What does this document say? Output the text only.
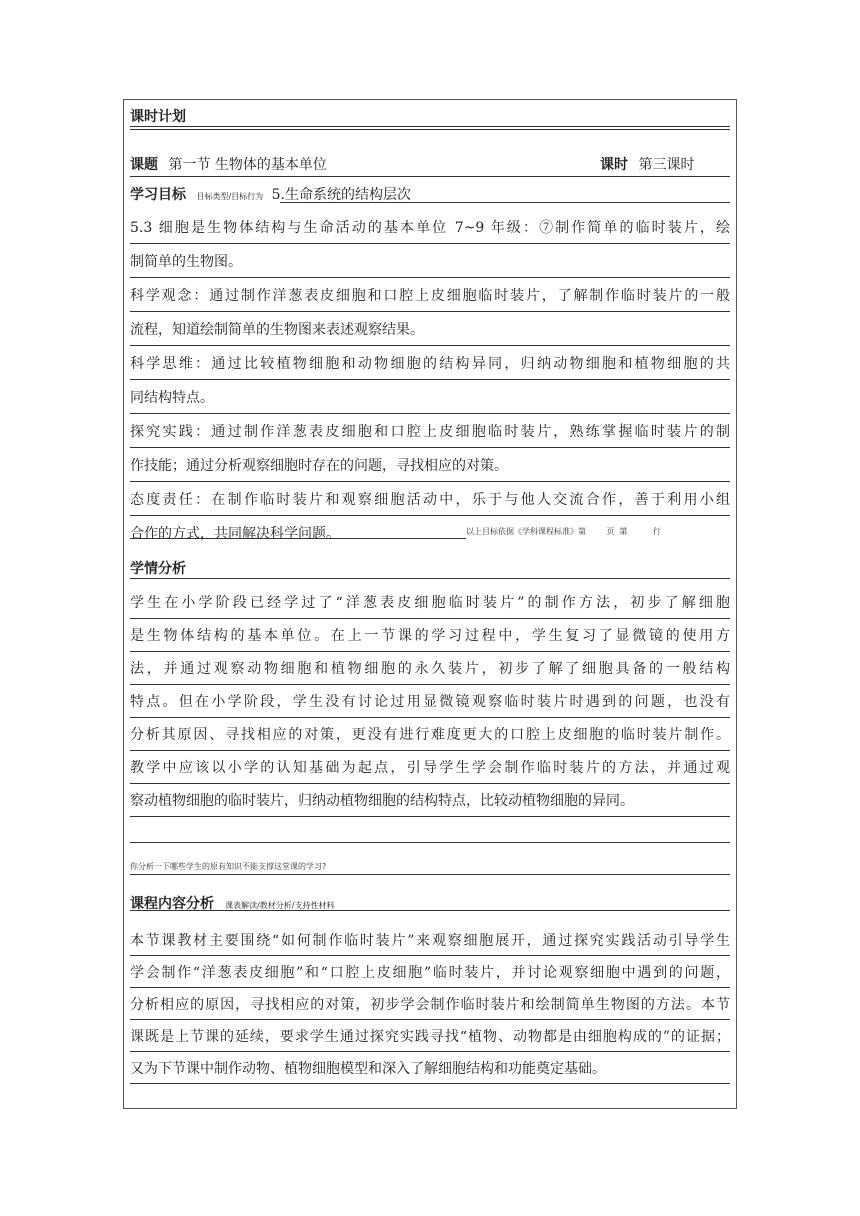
课时计划
课题 第一节 生物体的基本单位	课时 第三课时
学习目标 目标类型/目标行为 5.生命系统的结构层次
5.3 细胞是生物体结构与生命活动的基本单位 7~9 年级：⑦制作简单的临时装片，绘
制简单的生物图。
科学观念：通过制作洋葱表皮细胞和口腔上皮细胞临时装片，了解制作临时装片的一般
流程，知道绘制简单的生物图来表述观察结果。
科学思维：通过比较植物细胞和动物细胞的结构异同，归纳动物细胞和植物细胞的共
同结构特点。
探究实践：通过制作洋葱表皮细胞和口腔上皮细胞临时装片，熟练掌握临时装片的制
作技能；通过分析观察细胞时存在的问题，寻找相应的对策。
态度责任：在制作临时装片和观察细胞活动中，乐于与他人交流合作，善于利用小组
合作的方式，共同解决科学问题。	以上目标依据《学科课程标准》第        页  第          行
学情分析
学生在小学阶段已经学过了“洋葱表皮细胞临时装片”的制作方法，初步了解细胞
是生物体结构的基本单位。在上一节课的学习过程中，学生复习了显微镜的使用方
法，并通过观察动物细胞和植物细胞的永久装片，初步了解了细胞具备的一般结构
特点。但在小学阶段，学生没有讨论过用显微镜观察临时装片时遇到的问题，也没有
分析其原因、寻找相应的对策，更没有进行难度更大的口腔上皮细胞的临时装片制作。
教学中应该以小学的认知基础为起点，引导学生学会制作临时装片的方法，并通过观
察动植物细胞的临时装片，归纳动植物细胞的结构特点，比较动植物细胞的异同。
你分析一下哪些学生的原有知识不能支撑这堂课的学习?
课程内容分析 课表解读/教材分析/支持性材料
本节课教材主要围绕“如何制作临时装片”来观察细胞展开，通过探究实践活动引导学生
学会制作“洋葱表皮细胞”和“口腔上皮细胞”临时装片，并讨论观察细胞中遇到的问题，
分析相应的原因，寻找相应的对策，初步学会制作临时装片和绘制简单生物图的方法。本节
课既是上节课的延续，要求学生通过探究实践寻找“植物、动物都是由细胞构成的”的证据；
又为下节课中制作动物、植物细胞模型和深入了解细胞结构和功能奠定基础。
